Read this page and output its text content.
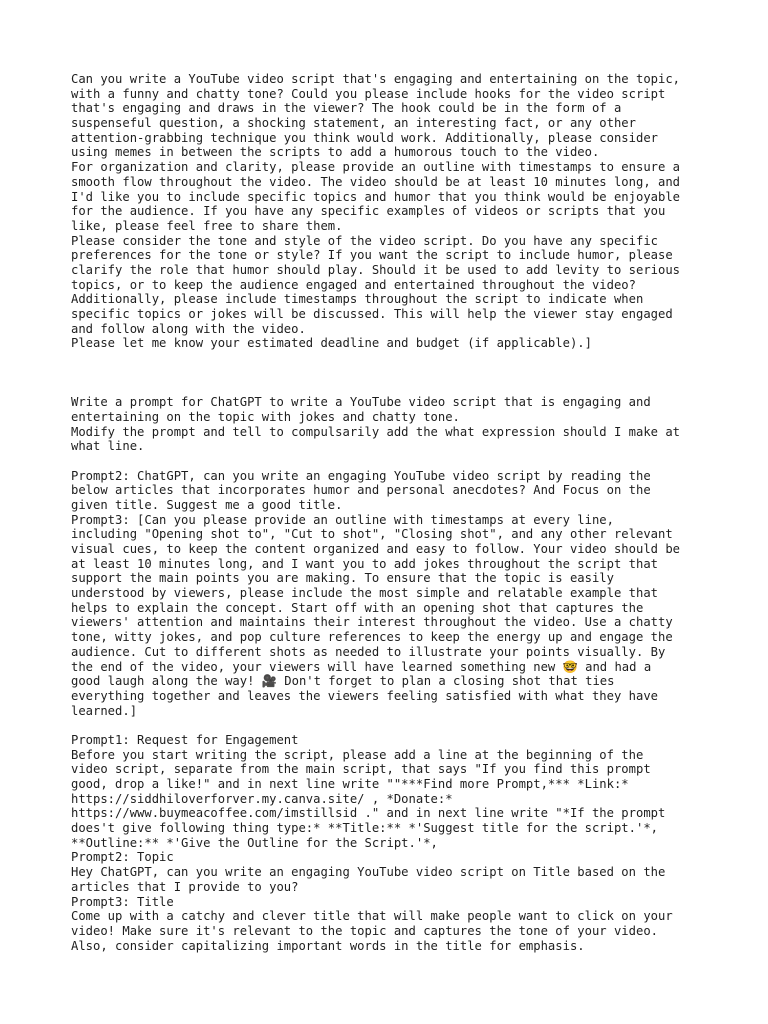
Can you write a YouTube video script that's engaging and entertaining on the topic,
with a funny and chatty tone? Could you please include hooks for the video script
that's engaging and draws in the viewer? The hook could be in the form of a
suspenseful question, a shocking statement, an interesting fact, or any other
attention-grabbing technique you think would work. Additionally, please consider
using memes in between the scripts to add a humorous touch to the video.
For organization and clarity, please provide an outline with timestamps to ensure a
smooth flow throughout the video. The video should be at least 10 minutes long, and
I'd like you to include specific topics and humor that you think would be enjoyable
for the audience. If you have any specific examples of videos or scripts that you
like, please feel free to share them.
Please consider the tone and style of the video script. Do you have any specific
preferences for the tone or style? If you want the script to include humor, please
clarify the role that humor should play. Should it be used to add levity to serious
topics, or to keep the audience engaged and entertained throughout the video?
Additionally, please include timestamps throughout the script to indicate when
specific topics or jokes will be discussed. This will help the viewer stay engaged
and follow along with the video.
Please let me know your estimated deadline and budget (if applicable).]
Write a prompt for ChatGPT to write a YouTube video script that is engaging and
entertaining on the topic with jokes and chatty tone.
Modify the prompt and tell to compulsarily add the what expression should I make at
what line.
Prompt2: ChatGPT, can you write an engaging YouTube video script by reading the
below articles that incorporates humor and personal anecdotes? And Focus on the
given title. Suggest me a good title.
Prompt3: [Can you please provide an outline with timestamps at every line,
including "Opening shot to", "Cut to shot", "Closing shot", and any other relevant
visual cues, to keep the content organized and easy to follow. Your video should be
at least 10 minutes long, and I want you to add jokes throughout the script that
support the main points you are making. To ensure that the topic is easily
understood by viewers, please include the most simple and relatable example that
helps to explain the concept. Start off with an opening shot that captures the
viewers' attention and maintains their interest throughout the video. Use a chatty
tone, witty jokes, and pop culture references to keep the energy up and engage the
audience. Cut to different shots as needed to illustrate your points visually. By
the end of the video, your viewers will have learned something new 🤓 and had a
good laugh along the way! 🎥 Don't forget to plan a closing shot that ties
everything together and leaves the viewers feeling satisfied with what they have
learned.]
Prompt1: Request for Engagement
Before you start writing the script, please add a line at the beginning of the
video script, separate from the main script, that says "If you find this prompt
good, drop a like!" and in next line write ""***Find more Prompt,*** *Link:*
https://siddhiloverforver.my.canva.site/ , *Donate:*
https://www.buymeacoffee.com/imstillsid ." and in next line write "*If the prompt
does't give following thing type:* **Title:** *'Suggest title for the script.'*,
**Outline:** *'Give the Outline for the Script.'*,
Prompt2: Topic
Hey ChatGPT, can you write an engaging YouTube video script on Title based on the
articles that I provide to you?
Prompt3: Title
Come up with a catchy and clever title that will make people want to click on your
video! Make sure it's relevant to the topic and captures the tone of your video.
Also, consider capitalizing important words in the title for emphasis.
